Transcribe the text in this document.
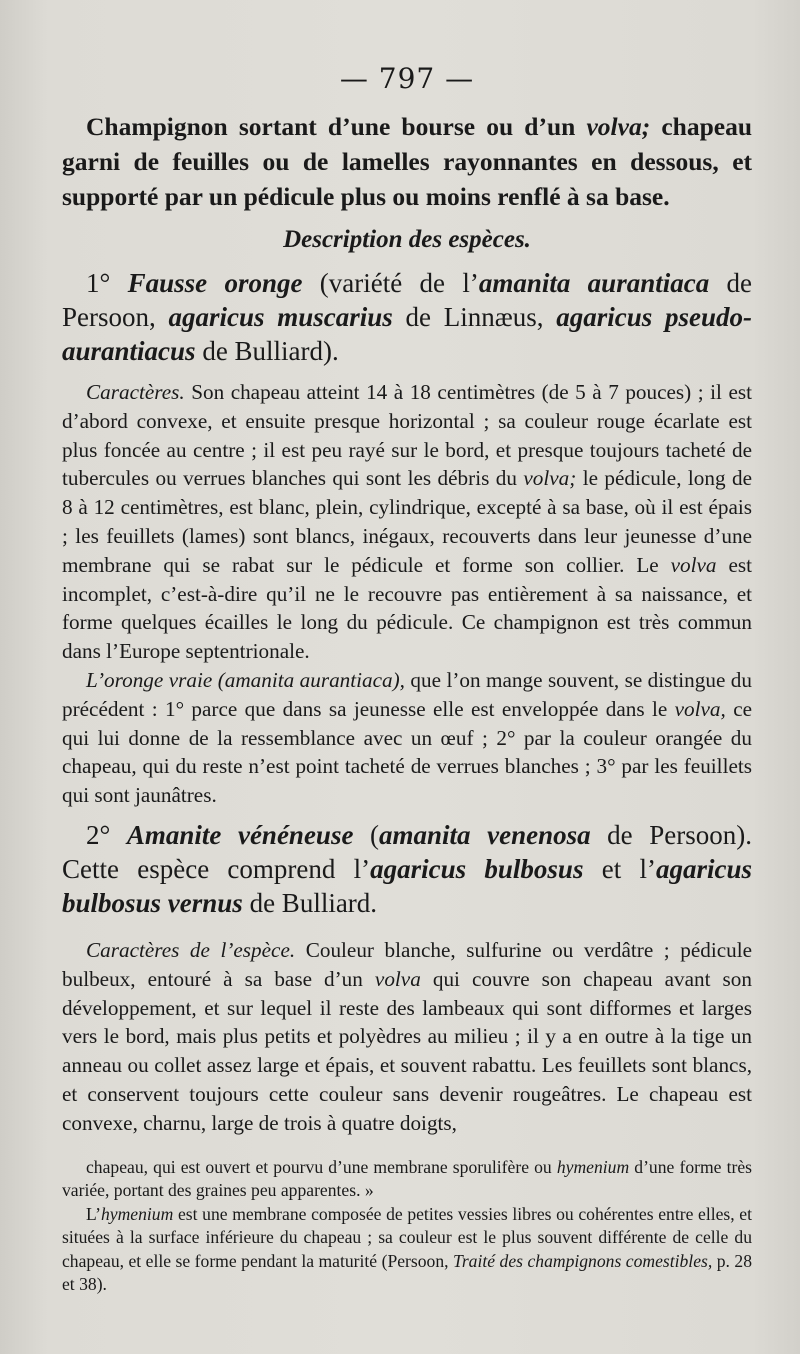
— 797 —

Champignon sortant d’une bourse ou d’un volva; chapeau garni de feuilles ou de lamelles rayonnantes en dessous, et supporté par un pédicule plus ou moins renflé à sa base.

Description des espèces.

1° Fausse oronge (variété de l’amanita aurantiaca de Persoon, agaricus muscarius de Linnæus, agaricus pseudo-aurantiacus de Bulliard).

Caractères. Son chapeau atteint 14 à 18 centimètres (de 5 à 7 pouces) ; il est d’abord convexe, et ensuite presque horizontal ; sa couleur rouge écarlate est plus foncée au centre ; il est peu rayé sur le bord, et presque toujours tacheté de tubercules ou verrues blanches qui sont les débris du volva; le pédicule, long de 8 à 12 centimètres, est blanc, plein, cylindrique, excepté à sa base, où il est épais ; les feuillets (lames) sont blancs, inégaux, recouverts dans leur jeunesse d’une membrane qui se rabat sur le pédicule et forme son collier. Le volva est incomplet, c’est-à-dire qu’il ne le recouvre pas entièrement à sa naissance, et forme quelques écailles le long du pédicule. Ce champignon est très commun dans l’Europe septentrionale.

L’oronge vraie (amanita aurantiaca), que l’on mange souvent, se distingue du précédent : 1° parce que dans sa jeunesse elle est enveloppée dans le volva, ce qui lui donne de la ressemblance avec un œuf ; 2° par la couleur orangée du chapeau, qui du reste n’est point tacheté de verrues blanches ; 3° par les feuillets qui sont jaunâtres.

2° Amanite vénéneuse (amanita venenosa de Persoon). Cette espèce comprend l’agaricus bulbosus et l’agaricus bulbosus vernus de Bulliard.

Caractères de l’espèce. Couleur blanche, sulfurine ou verdâtre ; pédicule bulbeux, entouré à sa base d’un volva qui couvre son chapeau avant son développement, et sur lequel il reste des lambeaux qui sont difformes et larges vers le bord, mais plus petits et polyèdres au milieu ; il y a en outre à la tige un anneau ou collet assez large et épais, et souvent rabattu. Les feuillets sont blancs, et conservent toujours cette couleur sans devenir rougeâtres. Le chapeau est convexe, charnu, large de trois à quatre doigts,

chapeau, qui est ouvert et pourvu d’une membrane sporulifère ou hymenium d’une forme très variée, portant des graines peu apparentes. »

L’hymenium est une membrane composée de petites vessies libres ou cohérentes entre elles, et situées à la surface inférieure du chapeau ; sa couleur est le plus souvent différente de celle du chapeau, et elle se forme pendant la maturité (Persoon, Traité des champignons comestibles, p. 28 et 38).
